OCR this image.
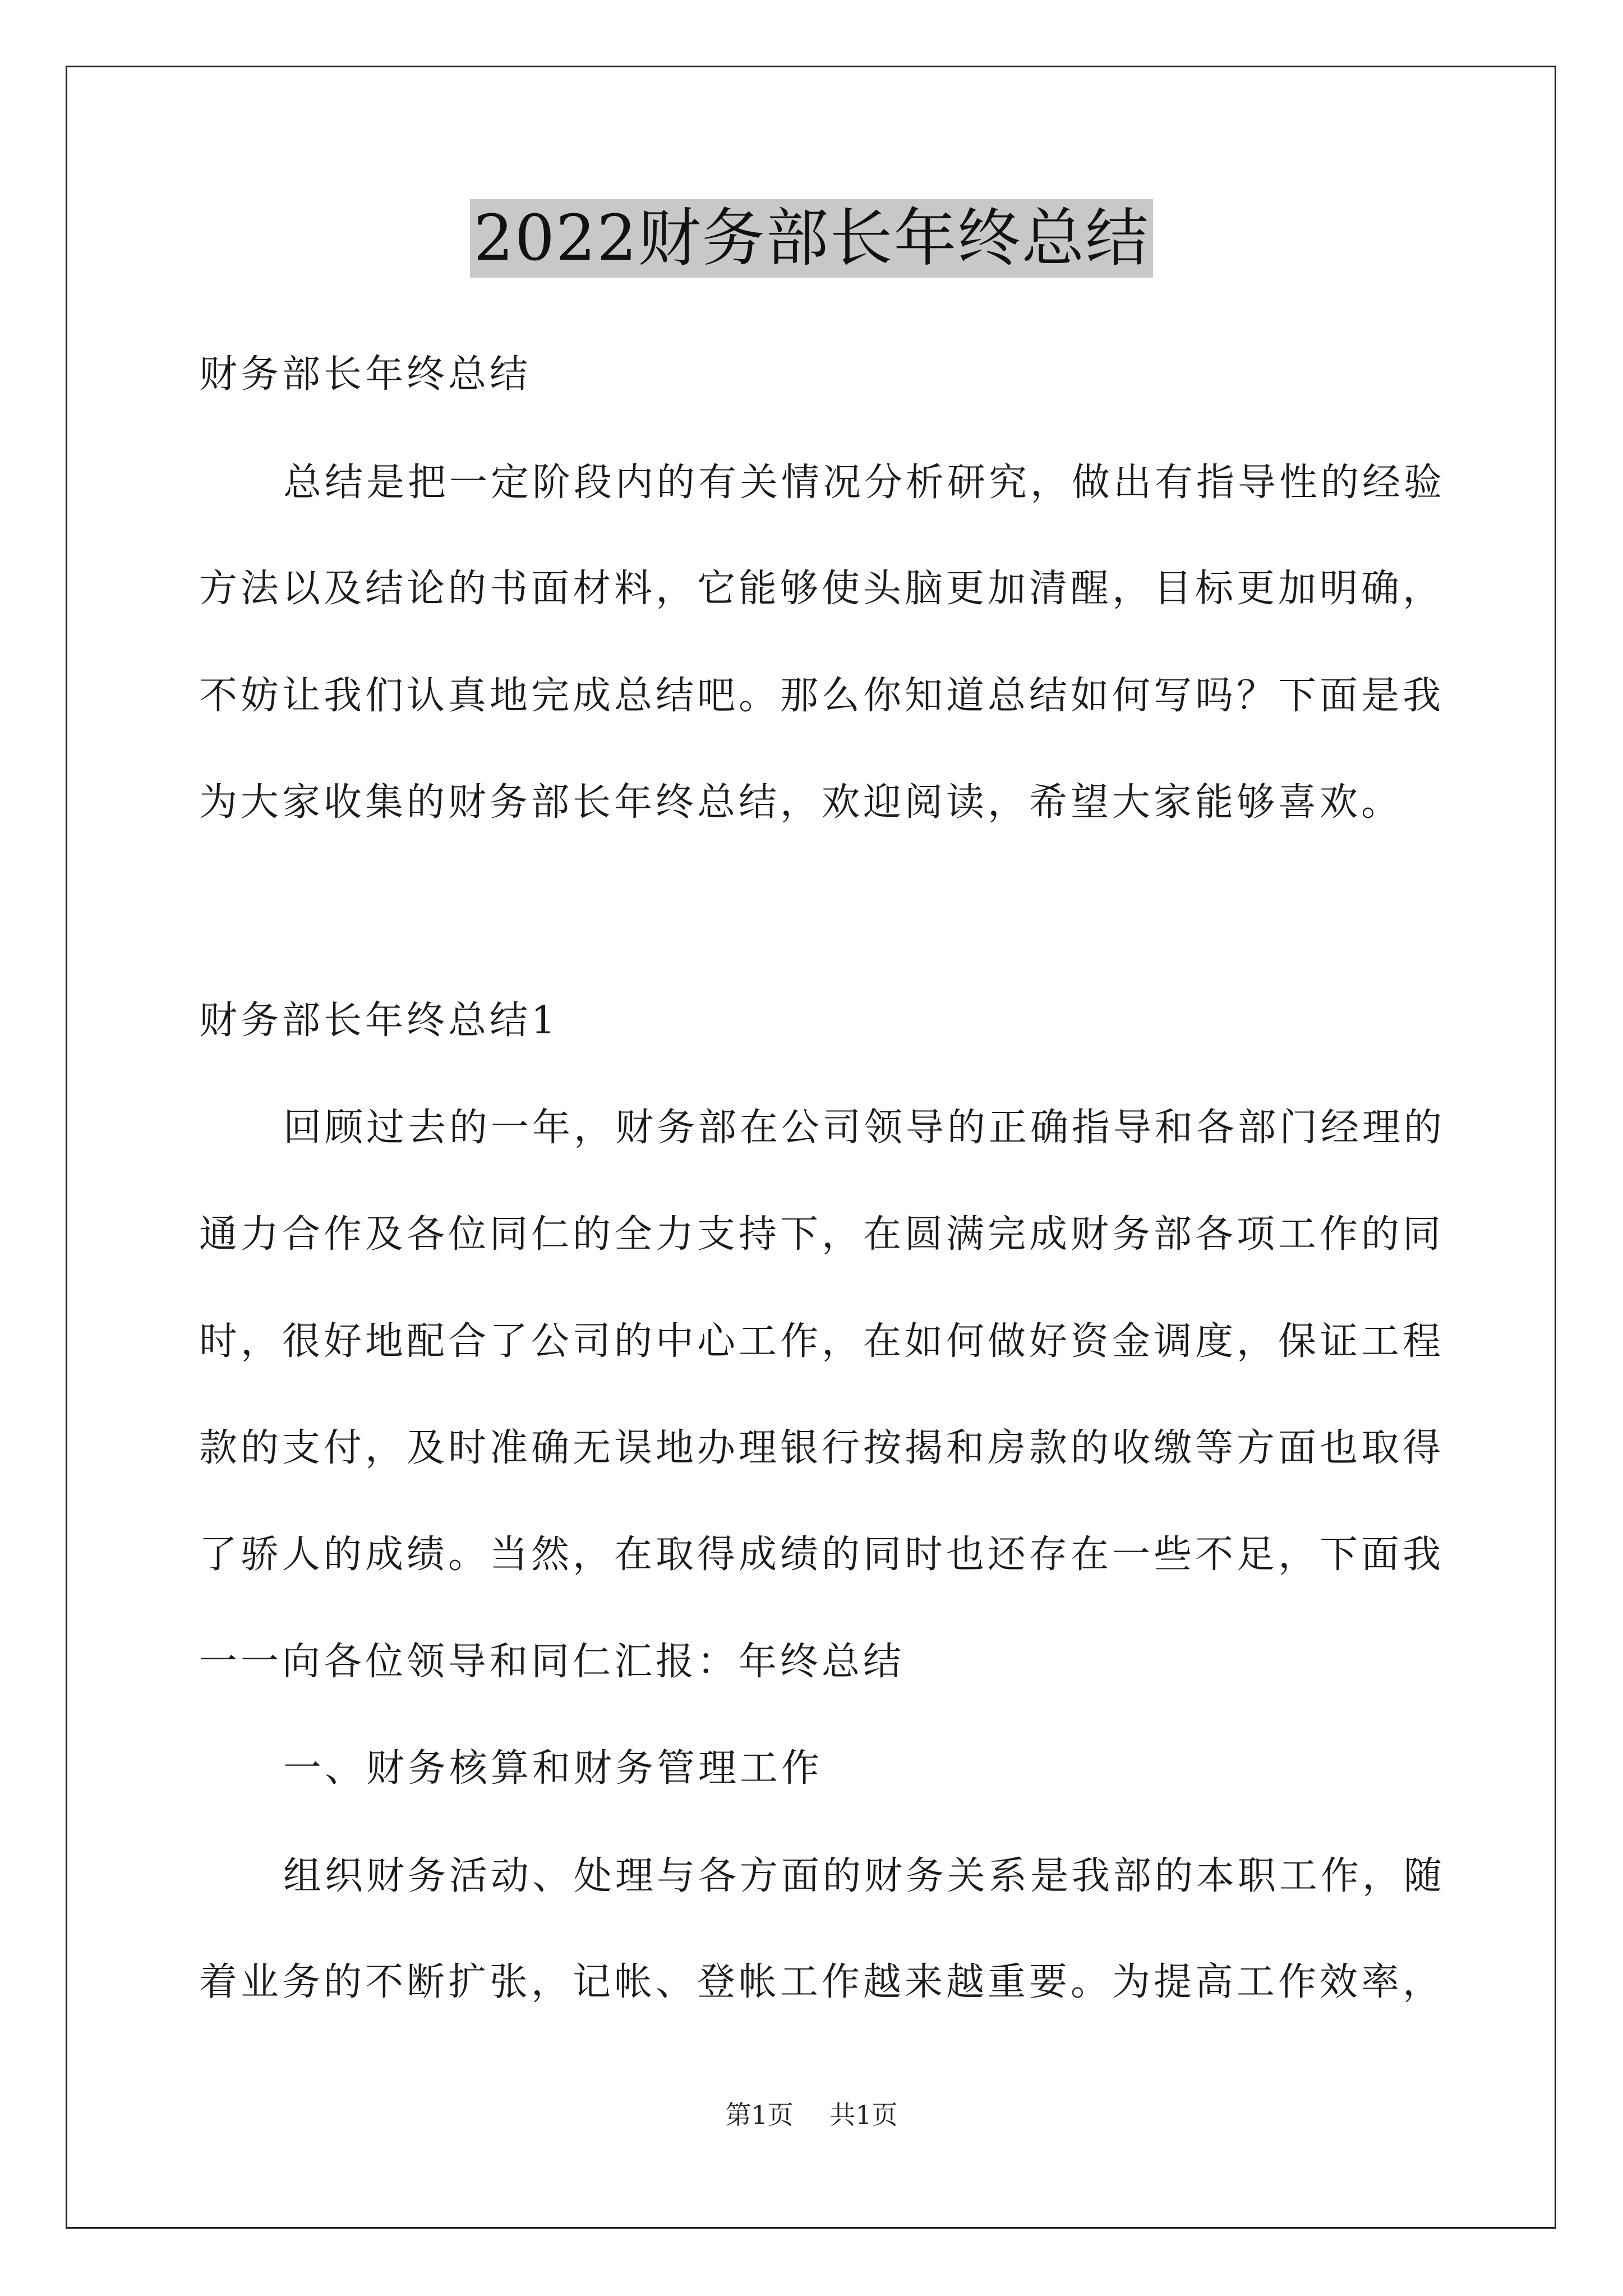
2022财务部长年终总结
财务部长年终总结
总结是把一定阶段内的有关情况分析研究，做出有指导性的经验
方法以及结论的书面材料，它能够使头脑更加清醒，目标更加明确，
不妨让我们认真地完成总结吧。那么你知道总结如何写吗？下面是我
为大家收集的财务部长年终总结，欢迎阅读，希望大家能够喜欢。
财务部长年终总结1
回顾过去的一年，财务部在公司领导的正确指导和各部门经理的
通力合作及各位同仁的全力支持下，在圆满完成财务部各项工作的同
时，很好地配合了公司的中心工作，在如何做好资金调度，保证工程
款的支付，及时准确无误地办理银行按揭和房款的收缴等方面也取得
了骄人的成绩。当然，在取得成绩的同时也还存在一些不足，下面我
一一向各位领导和同仁汇报：年终总结
一、财务核算和财务管理工作
组织财务活动、处理与各方面的财务关系是我部的本职工作，随
着业务的不断扩张，记帐、登帐工作越来越重要。为提高工作效率，
第1页 共1页
